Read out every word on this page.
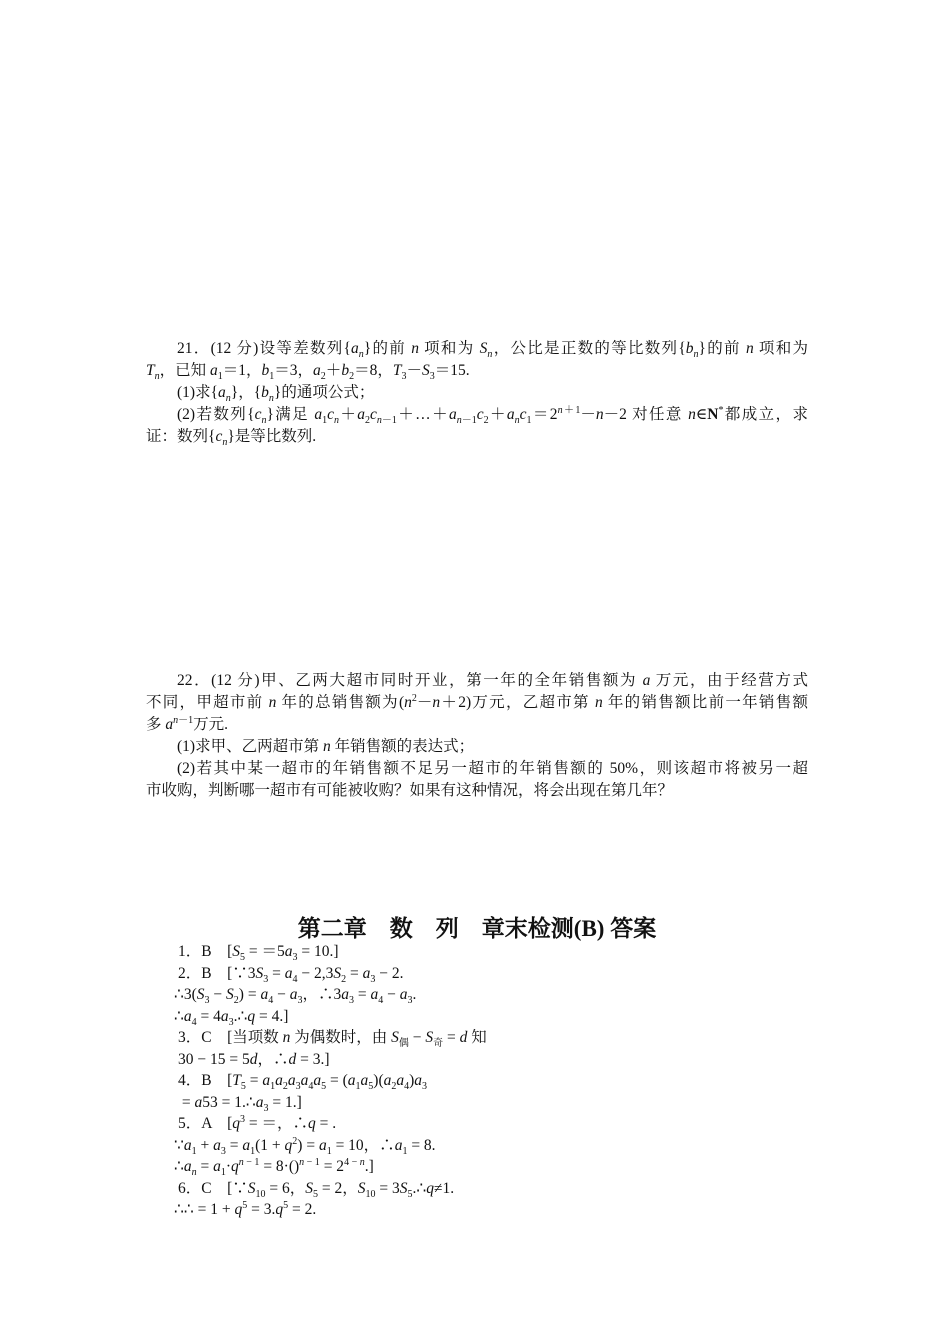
21．(12 分)设等差数列$\{a_n\}$的前 n 项和为 $S_n$，公比是正数的等比数列$\{b_n\}$的前 n 项和为
$T_n$，已知 $a_1=1$，$b_1=3$，$a_2+b_2=8$，$T_3-S_3=15$.
(1)求$\{a_n\}$，$\{b_n\}$的通项公式；
(2)若数列$\{c_n\}$满足 $a_1c_n+a_2c_{n-1}+\dots+a_{n-1}c_2+a_nc_1=2^{n+1}-n-2$ 对任意 n∈N*都成立，求
证：数列$\{c_n\}$是等比数列.
22．(12 分)甲、乙两大超市同时开业，第一年的全年销售额为 a 万元，由于经营方式
不同，甲超市前 n 年的总销售额为$(n^2-n+2)$万元，乙超市第 n 年的销售额比前一年销售额
多 $a^{n-1}$万元.
(1)求甲、乙两超市第 n 年销售额的表达式；
(2)若其中某一超市的年销售额不足另一超市的年销售额的 50%，则该超市将被另一超
市收购，判断哪一超市有可能被收购？如果有这种情况，将会出现在第几年？
第二章　数　列　章末检测(B) 答案
1．B　$[S_5 = =5a_3 = 10.]$
2．B　[$\because 3S_3 = a_4 - 2,3S_2 = a_3 - 2$.
$\therefore 3(S_3 - S_2) = a_4 - a_3$，$\therefore 3a_3 = a_4 - a_3$.
$\therefore a_4$ = $4a_3.\therefore q = 4$.]
3．C　[当项数 n 为偶数时，由 $S_偶 - S_奇 = d$ 知
30 − 15 = 5d，∴d = 3.]
4．B　[$T_5 = a_1a_2a_3a_4a_5 = (a_1a_5)(a_2a_4)a_3$
= $a53 = 1.\therefore a_3 = 1$.]
5．A　[$q^3$ = ＝，∴q = .
$\because a_1 + a_3 = a_1(1 + q^2) = a_1 = 10$，$\therefore a_1 = 8$.
$\therefore a_n = a_1\cdot q^{n - 1} = 8\cdot()^{n - 1} = 2^{4 - n}$.]
6．C　[$\because S_{10} = 6$，$S_5 = 2$，$S_{10}$ = $3S_5.\therefore q\ne 1$.
∴∴ = $1 + q^5 = 3.q^5 = 2$.
